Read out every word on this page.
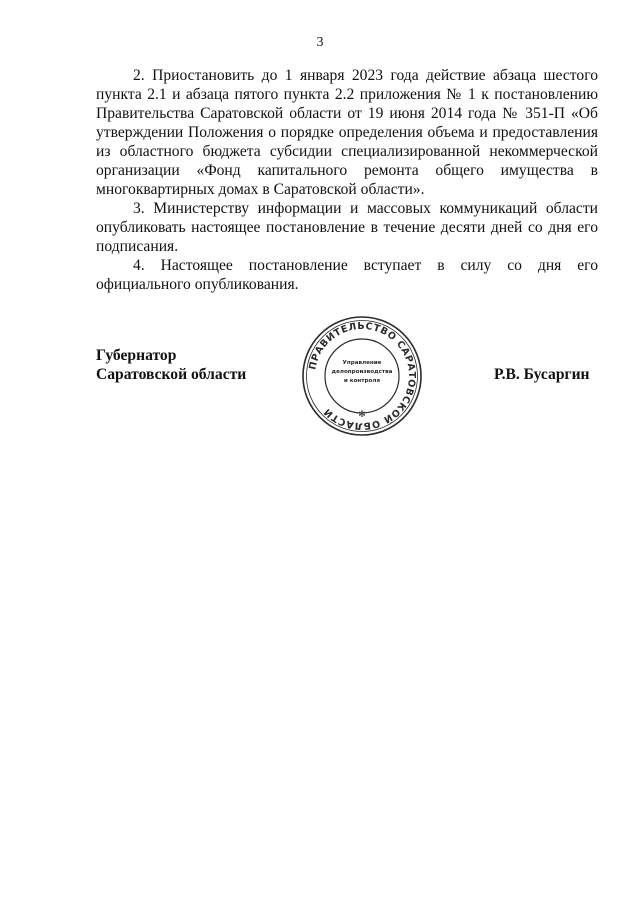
3

2. Приостановить до 1 января 2023 года действие абзаца шестого пункта 2.1 и абзаца пятого пункта 2.2 приложения № 1 к постановлению Правительства Саратовской области от 19 июня 2014 года № 351-П «Об утверждении Положения о порядке определения объема и предоставления из областного бюджета субсидии специализированной некоммерческой организации «Фонд капитального ремонта общего имущества в многоквартирных домах в Саратовской области».

3. Министерству информации и массовых коммуникаций области опубликовать настоящее постановление в течение десяти дней со дня его подписания.

4. Настоящее постановление вступает в силу со дня его официального опубликования.

Губернатор
Саратовской области	Р.В. Бусаргин
ПРАВИТЕЛЬСТВО САРАТОВСКОЙ ОБЛАСТИ
Управление
делопроизводства
и контроля
✻
